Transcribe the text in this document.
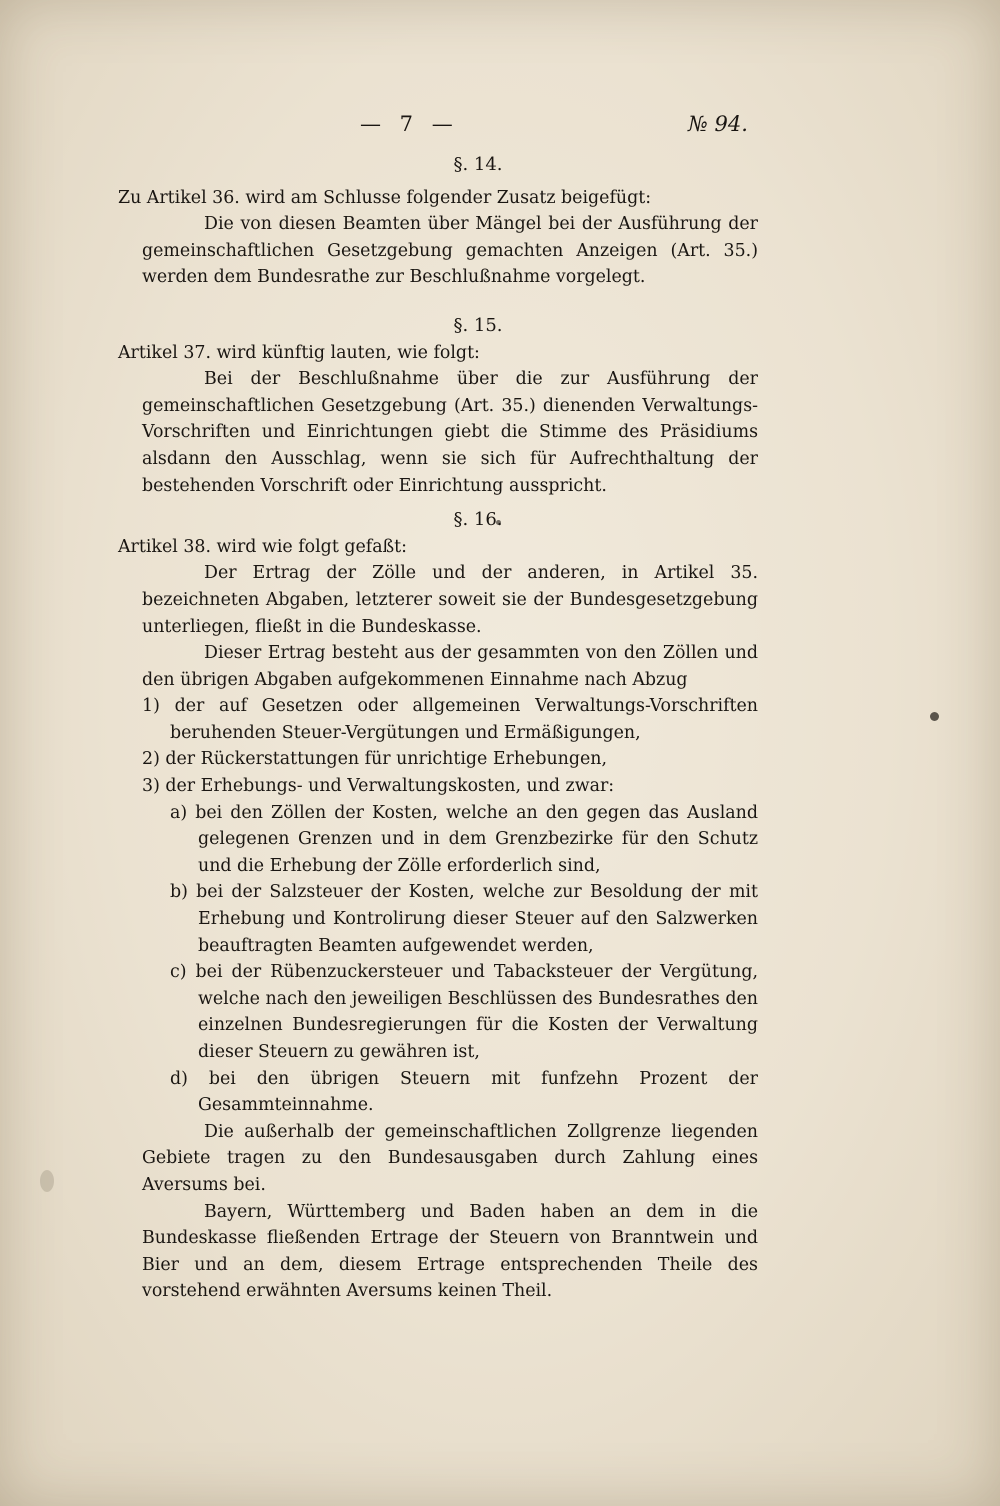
— 7 —	№ 94.
§. 14.

Zu Artikel 36. wird am Schlusse folgender Zusatz beigefügt:

Die von diesen Beamten über Mängel bei der Ausführung der gemeinschaftlichen Gesetzgebung gemachten Anzeigen (Art. 35.) werden dem Bundesrathe zur Beschlußnahme vorgelegt.

§. 15.

Artikel 37. wird künftig lauten, wie folgt:

Bei der Beschlußnahme über die zur Ausführung der gemeinschaftlichen Gesetzgebung (Art. 35.) dienenden Verwaltungs-Vorschriften und Einrichtungen giebt die Stimme des Präsidiums alsdann den Ausschlag, wenn sie sich für Aufrechthaltung der bestehenden Vorschrift oder Einrichtung ausspricht.

§. 16.

Artikel 38. wird wie folgt gefaßt:

Der Ertrag der Zölle und der anderen, in Artikel 35. bezeichneten Abgaben, letzterer soweit sie der Bundesgesetzgebung unterliegen, fließt in die Bundeskasse.

Dieser Ertrag besteht aus der gesammten von den Zöllen und den übrigen Abgaben aufgekommenen Einnahme nach Abzug

1) der auf Gesetzen oder allgemeinen Verwaltungs-Vorschriften beruhenden Steuer-Vergütungen und Ermäßigungen,

2) der Rückerstattungen für unrichtige Erhebungen,

3) der Erhebungs- und Verwaltungskosten, und zwar:

a) bei den Zöllen der Kosten, welche an den gegen das Ausland gelegenen Grenzen und in dem Grenzbezirke für den Schutz und die Erhebung der Zölle erforderlich sind,

b) bei der Salzsteuer der Kosten, welche zur Besoldung der mit Erhebung und Kontrolirung dieser Steuer auf den Salzwerken beauftragten Beamten aufgewendet werden,

c) bei der Rübenzuckersteuer und Tabacksteuer der Vergütung, welche nach den jeweiligen Beschlüssen des Bundesrathes den einzelnen Bundesregierungen für die Kosten der Verwaltung dieser Steuern zu gewähren ist,

d) bei den übrigen Steuern mit funfzehn Prozent der Gesammteinnahme.

Die außerhalb der gemeinschaftlichen Zollgrenze liegenden Gebiete tragen zu den Bundesausgaben durch Zahlung eines Aversums bei.

Bayern, Württemberg und Baden haben an dem in die Bundeskasse fließenden Ertrage der Steuern von Branntwein und Bier und an dem, diesem Ertrage entsprechenden Theile des vorstehend erwähnten Aversums keinen Theil.
